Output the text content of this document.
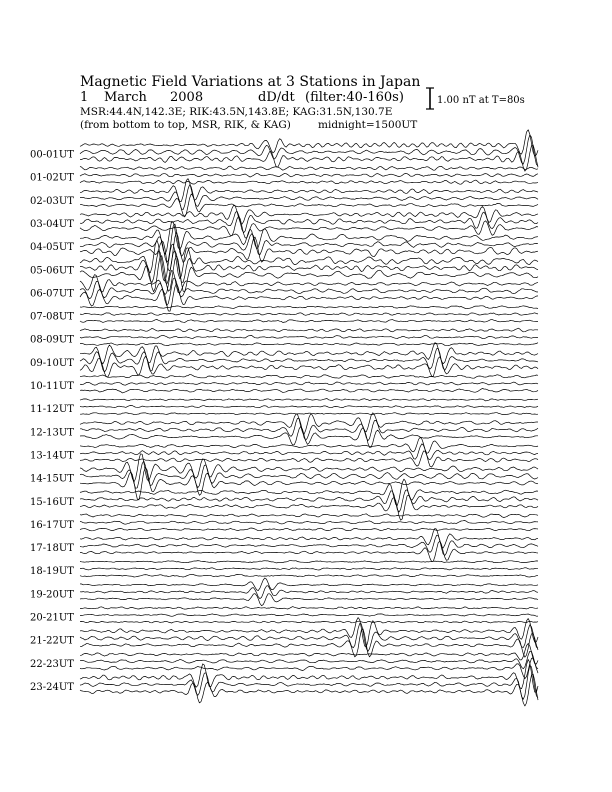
Magnetic Field Variations at 3 Stations in Japan
1 March 2008	dD/dt (filter:40-160s)
MSR:44.4N,142.3E; RIK:43.5N,143.8E; KAG:31.5N,130.7E
(from bottom to top, MSR, RIK, & KAG)	midnight=1500UT
1.00 nT at T=80s
00-01UT
01-02UT
02-03UT
03-04UT
04-05UT
05-06UT
06-07UT
07-08UT
08-09UT
09-10UT
10-11UT
11-12UT
12-13UT
13-14UT
14-15UT
15-16UT
16-17UT
17-18UT
18-19UT
19-20UT
20-21UT
21-22UT
22-23UT
23-24UT
